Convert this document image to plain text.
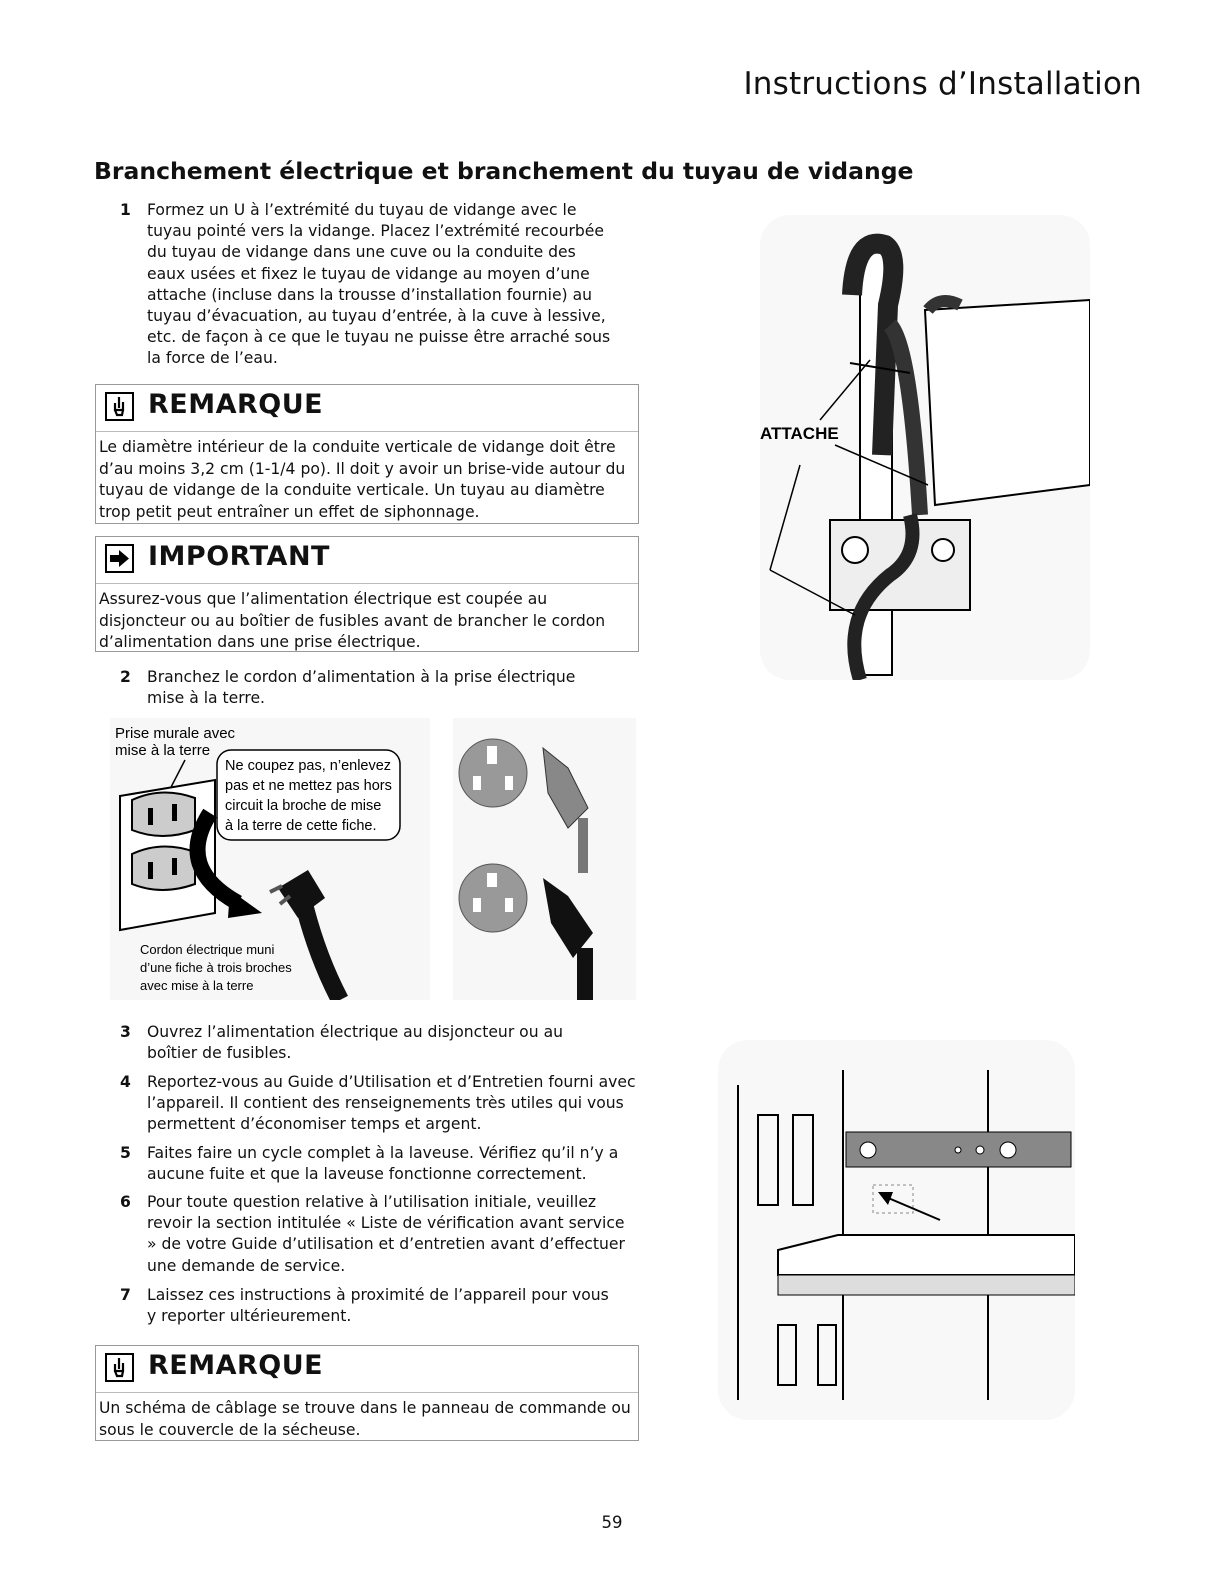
Instructions d’Installation
Branchement électrique et branchement du tuyau de vidange
1 Formez un U à l’extrémité du tuyau de vidange avec le tuyau pointé vers la vidange. Placez l’extrémité recourbée du tuyau de vidange dans une cuve ou la conduite des eaux usées et fixez le tuyau de vidange au moyen d’une attache (incluse dans la trousse d’installation fournie) au tuyau d’évacuation, au tuyau d’entrée, à la cuve à lessive, etc. de façon à ce que le tuyau ne puisse être arraché sous la force de l’eau.
REMARQUE
Le diamètre intérieur de la conduite verticale de vidange doit être d’au moins 3,2 cm (1-1/4 po). Il doit y avoir un brise-vide autour du tuyau de vidange de la conduite verticale. Un tuyau au diamètre trop petit peut entraîner un effet de siphonnage.
IMPORTANT
Assurez-vous que l’alimentation électrique est coupée au disjoncteur ou au boîtier de fusibles avant de brancher le cordon d’alimentation dans une prise électrique.
2 Branchez le cordon d’alimentation à la prise électrique mise à la terre.
Prise murale avec
mise à la terre
Ne coupez pas, n’enlevez
pas et ne mettez pas hors
circuit la broche de mise
à la terre de cette fiche.
Cordon électrique muni
d’une fiche à trois broches
avec mise à la terre
3 Ouvrez l’alimentation électrique au disjoncteur ou au boîtier de fusibles.
4 Reportez-vous au Guide d’Utilisation et d’Entretien fourni avec l’appareil. Il contient des renseignements très utiles qui vous permettent d’économiser temps et argent.
5 Faites faire un cycle complet à la laveuse. Vérifiez qu’il n’y a aucune fuite et que la laveuse fonctionne correctement.
6 Pour toute question relative à l’utilisation initiale, veuillez revoir la section intitulée « Liste de vérification avant service » de votre Guide d’utilisation et d’entretien avant d’effectuer une demande de service.
7 Laissez ces instructions à proximité de l’appareil pour vous y reporter ultérieurement.
REMARQUE
Un schéma de câblage se trouve dans le panneau de commande ou sous le couvercle de la sécheuse.
ATTACHE
59
